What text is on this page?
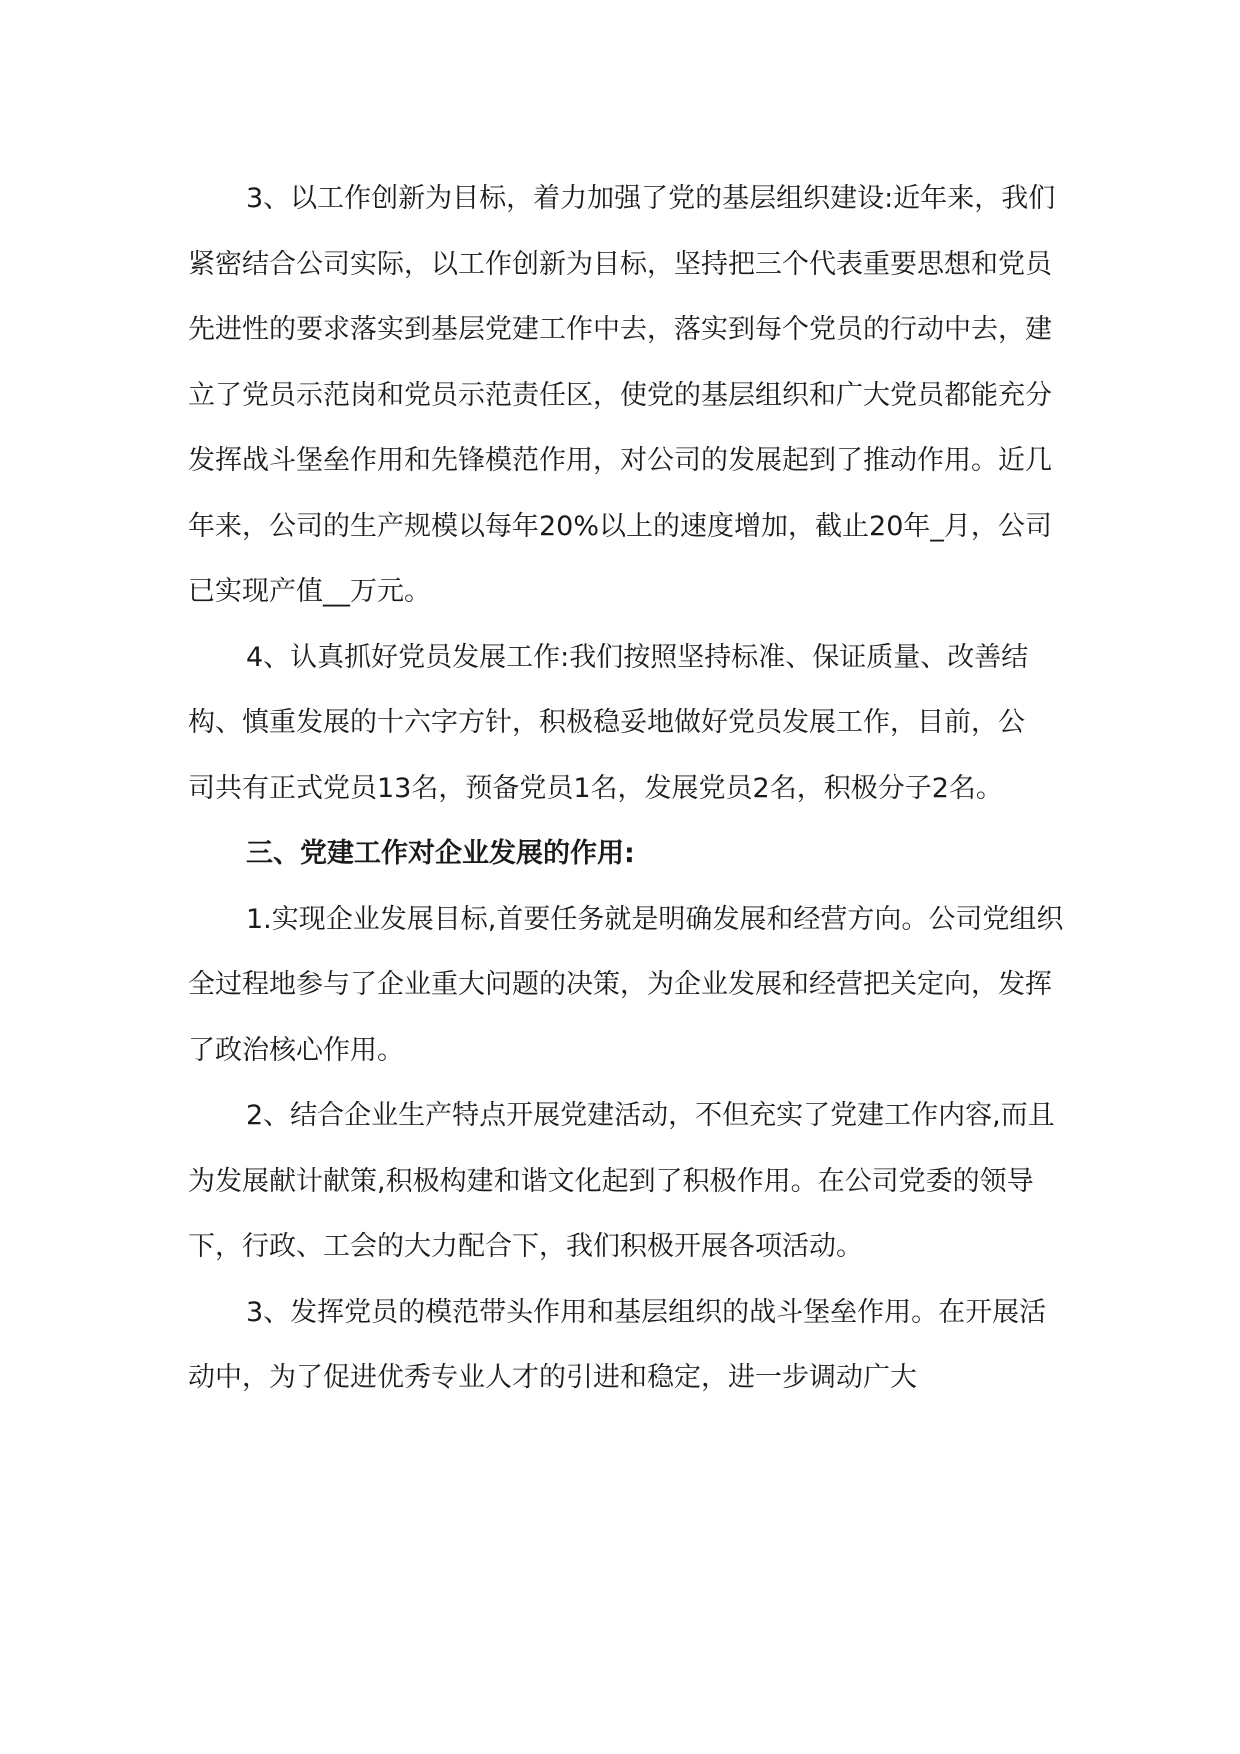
3、以工作创新为目标，着力加强了党的基层组织建设:近年来，我们紧密结合公司实际，以工作创新为目标，坚持把三个代表重要思想和党员先进性的要求落实到基层党建工作中去，落实到每个党员的行动中去，建立了党员示范岗和党员示范责任区，使党的基层组织和广大党员都能充分发挥战斗堡垒作用和先锋模范作用，对公司的发展起到了推动作用。近几年来，公司的生产规模以每年20%以上的速度增加，截止20年_月，公司已实现产值__万元。

4、认真抓好党员发展工作:我们按照坚持标准、保证质量、改善结构、慎重发展的十六字方针，积极稳妥地做好党员发展工作，目前，公司共有正式党员13名，预备党员1名，发展党员2名，积极分子2名。

三、党建工作对企业发展的作用:

1.实现企业发展目标,首要任务就是明确发展和经营方向。公司党组织全过程地参与了企业重大问题的决策，为企业发展和经营把关定向，发挥了政治核心作用。

2、结合企业生产特点开展党建活动，不但充实了党建工作内容,而且为发展献计献策,积极构建和谐文化起到了积极作用。在公司党委的领导下，行政、工会的大力配合下，我们积极开展各项活动。

3、发挥党员的模范带头作用和基层组织的战斗堡垒作用。在开展活动中，为了促进优秀专业人才的引进和稳定，进一步调动广大
